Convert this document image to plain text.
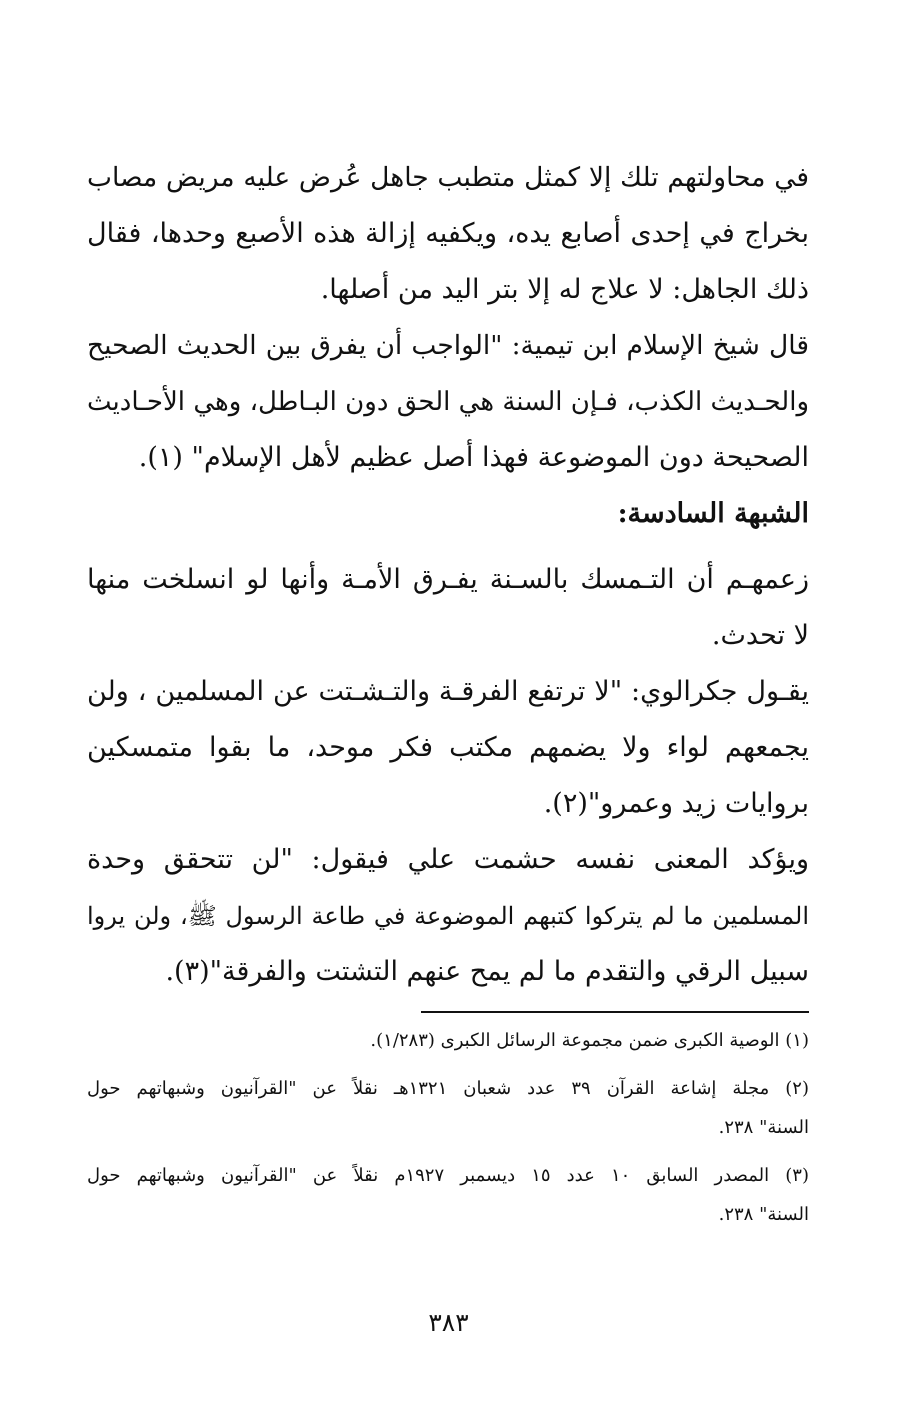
في محاولتهم تلك إلا كمثل متطبب جاهل عُرض عليه مريض مصاب
بخراج في إحدى أصابع يده، ويكفيه إزالة هذه الأصبع وحدها، فقال
ذلك الجاهل: لا علاج له إلا بتر اليد من أصلها.
قال شيخ الإسلام ابن تيمية: "الواجب أن يفرق بين الحديث الصحيح
والحـديث الكذب، فـإن السنة هي الحق دون البـاطل، وهي الأحـاديث
الصحيحة دون الموضوعة فهذا أصل عظيم لأهل الإسلام" (١).
الشبهة السادسة:
زعمهـم أن التـمسك بالسـنة يفـرق الأمـة وأنها لو انسلخت منها
لا تحدث.
يقـول جكرالوي: "لا ترتفع الفرقـة والتـشـتت عن المسلمين ، ولن
يجمعهم لواء ولا يضمهم مكتب فكر موحد، ما بقوا متمسكين
بروايات زيد وعمرو"(٢).
ويؤكد المعنى نفسه حشمت علي فيقول: "لن تتحقق وحدة
المسلمين ما لم يتركوا كتبهم الموضوعة في طاعة الرسول ﷺ، ولن يروا
سبيل الرقي والتقدم ما لم يمح عنهم التشتت والفرقة"(٣).
(١) الوصية الكبرى ضمن مجموعة الرسائل الكبرى (١/٢٨٣).
(٢) مجلة إشاعة القرآن ٣٩ عدد شعبان ١٣٢١هـ نقلاً عن "القرآنيون وشبهاتهم حول
السنة" ٢٣٨.
(٣) المصدر السابق ١٠ عدد ١٥ ديسمبر ١٩٢٧م نقلاً عن "القرآنيون وشبهاتهم حول
السنة" ٢٣٨.
٣٨٣
